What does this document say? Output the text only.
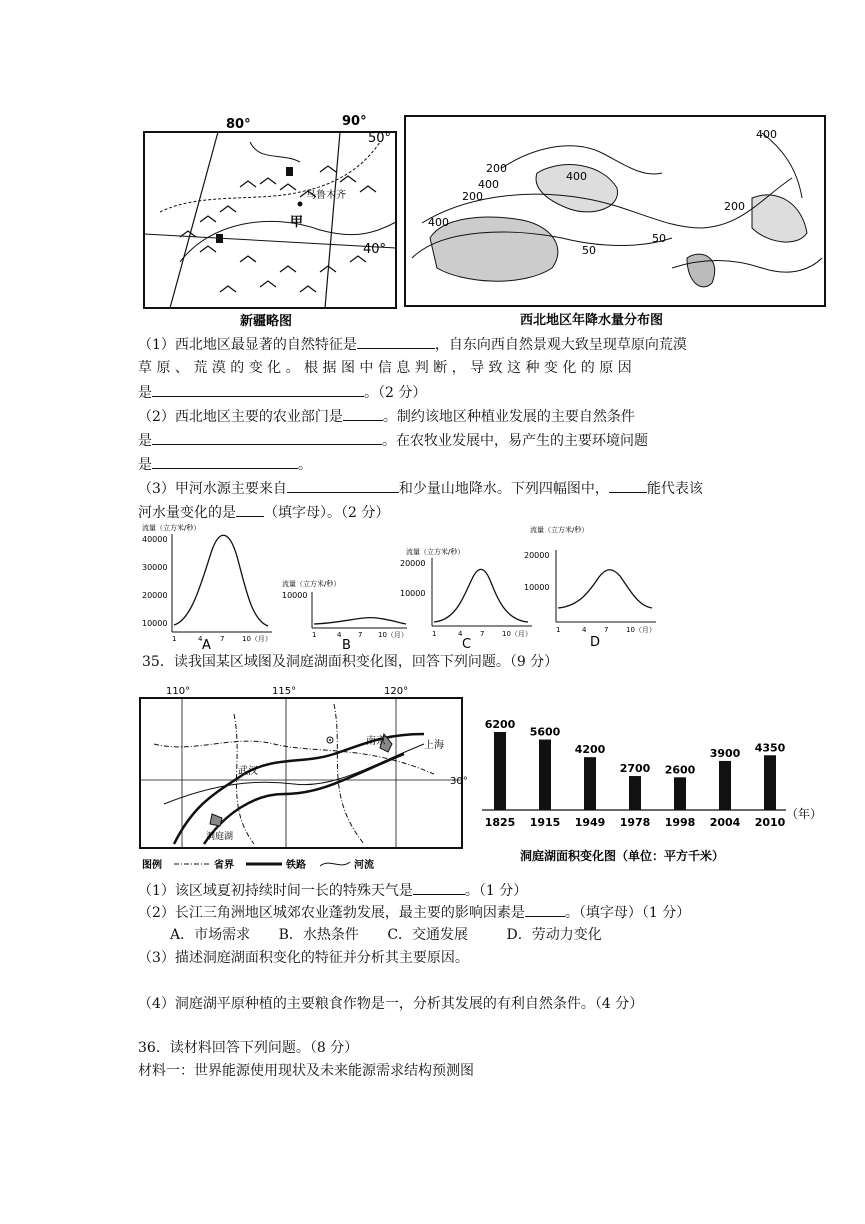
80°	90°
50°
40°
乌鲁木齐
甲
新疆略图
400
200
400
200
400
400
50
50
200
西北地区年降水量分布图
（1）西北地区最显著的自然特征是	，自东向西自然景观大致呈现草原向荒漠
草 原 、 荒 漠 的 变 化 。 根 据 图 中 信 息 判 断 ， 导 致 这 种 变 化 的 原 因
是	。（2 分）
（2）西北地区主要的农业部门是	。制约该地区种植业发展的主要自然条件
是	。在农牧业发展中，易产生的主要环境问题
是	。
（3）甲河水源主要来自	和少量山地降水。下列四幅图中，	能代表该
河水量变化的是 （填字母）。（2 分）
流量（立方米/秒）
40000
30000
20000
10000
1	4	7	10（月）
A
流量（立方米/秒）
10000
1	4 7 10（月）
B
流量（立方米/秒）
20000
10000
1	4	7	10（月）
C
流量（立方米/秒）
20000
10000
1	4	7	10（月）
D
35．读我国某区域图及洞庭湖面积变化图，回答下列问题。（9 分）
110°	115°	120°
30°
南京	上海
武汉
洞庭湖
图例	省界	铁路	河流
（年）
洞庭湖面积变化图（单位：平方千米）
6200
1825
5600
1915
4200
1949
2700
1978
2600
1998
3900
2004
4350
2010
（1）该区域夏初持续时间一长的特殊天气是	。（1 分）
（2）长江三角洲地区城郊农业蓬勃发展，最主要的影响因素是	。（填字母）（1 分）
A．市场需求 B．水热条件 C．交通发展	D．劳动力变化
（3）描述洞庭湖面积变化的特征并分析其主要原因。
（4）洞庭湖平原种植的主要粮食作物是一，分析其发展的有利自然条件。（4 分）
36．读材料回答下列问题。（8 分）
材料一：世界能源使用现状及未来能源需求结构预测图
